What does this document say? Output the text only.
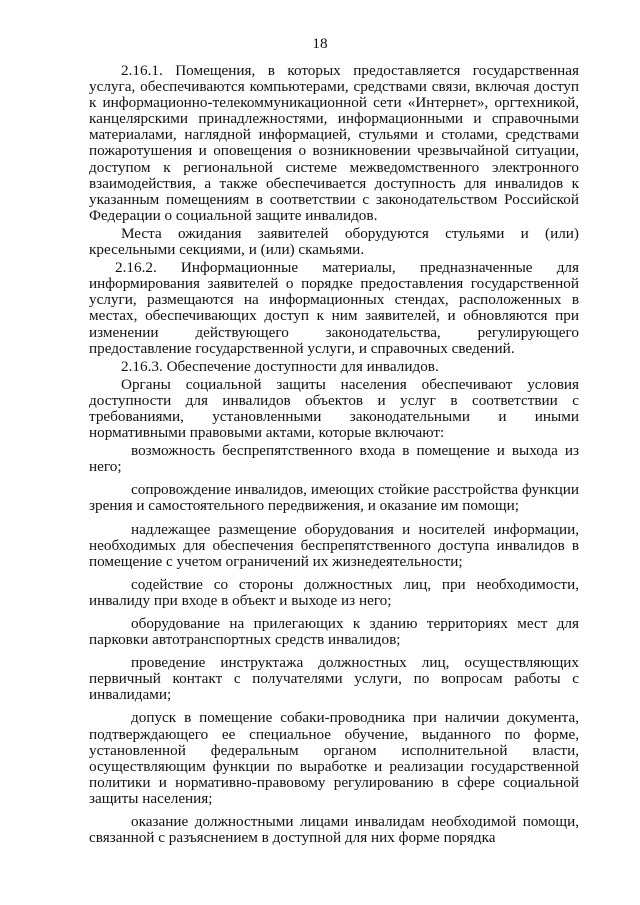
18

2.16.1. Помещения, в которых предоставляется государственная услуга, обеспечиваются компьютерами, средствами связи, включая доступ к информационно-телекоммуникационной сети «Интернет», оргтехникой, канцелярскими принадлежностями, информационными и справочными материалами, наглядной информацией, стульями и столами, средствами пожаротушения и оповещения о возникновении чрезвычайной ситуации, доступом к региональной системе межведомственного электронного взаимодействия, а также обеспечивается доступность для инвалидов к указанным помещениям в соответствии с законодательством Российской Федерации о социальной защите инвалидов.

Места ожидания заявителей оборудуются стульями и (или) кресельными секциями, и (или) скамьями.

2.16.2. Информационные материалы, предназначенные для информирования заявителей о порядке предоставления государственной услуги, размещаются на информационных стендах, расположенных в местах, обеспечивающих доступ к ним заявителей, и обновляются при изменении действующего законодательства, регулирующего предоставление государственной услуги, и справочных сведений.

2.16.3. Обеспечение доступности для инвалидов.

Органы социальной защиты населения обеспечивают условия доступности для инвалидов объектов и услуг в соответствии с требованиями, установленными законодательными и иными нормативными правовыми актами, которые включают:

возможность беспрепятственного входа в помещение и выхода из него;

сопровождение инвалидов, имеющих стойкие расстройства функции зрения и самостоятельного передвижения, и оказание им помощи;

надлежащее размещение оборудования и носителей информации, необходимых для обеспечения беспрепятственного доступа инвалидов в помещение с учетом ограничений их жизнедеятельности;

содействие со стороны должностных лиц, при необходимости, инвалиду при входе в объект и выходе из него;

оборудование на прилегающих к зданию территориях мест для парковки автотранспортных средств инвалидов;

проведение инструктажа должностных лиц, осуществляющих первичный контакт с получателями услуги, по вопросам работы с инвалидами;

допуск в помещение собаки-проводника при наличии документа, подтверждающего ее специальное обучение, выданного по форме, установленной федеральным органом исполнительной власти, осуществляющим функции по выработке и реализации государственной политики и нормативно-правовому регулированию в сфере социальной защиты населения;

оказание должностными лицами инвалидам необходимой помощи, связанной с разъяснением в доступной для них форме порядка
